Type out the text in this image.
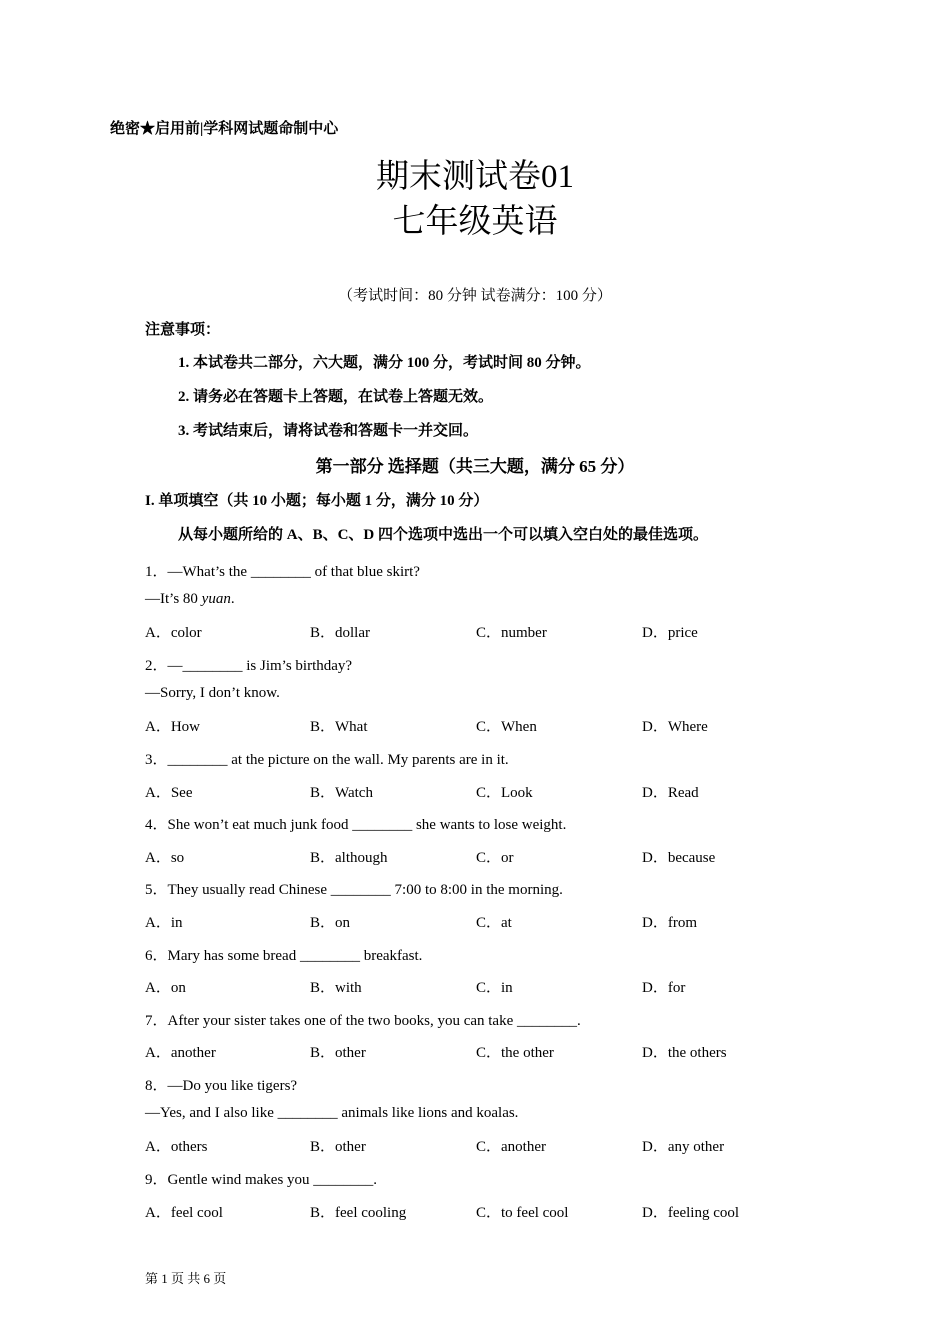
绝密★启用前|学科网试题命制中心
期末测试卷01
七年级英语
（考试时间：80 分钟 试卷满分：100 分）
注意事项：
1. 本试卷共二部分，六大题，满分 100 分，考试时间 80 分钟。
2. 请务必在答题卡上答题，在试卷上答题无效。
3. 考试结束后，请将试卷和答题卡一并交回。
第一部分 选择题（共三大题，满分 65 分）
I. 单项填空（共 10 小题；每小题 1 分，满分 10 分）
从每小题所给的 A、B、C、D 四个选项中选出一个可以填入空白处的最佳选项。
1．—What’s the ________ of that blue skirt?
—It’s 80 yuan.
A．color	B．dollar	C．number	D．price
2．—________ is Jim’s birthday?
—Sorry, I don’t know.
A．How	B．What	C．When	D．Where
3．________ at the picture on the wall. My parents are in it.
A．See	B．Watch	C．Look	D．Read
4．She won’t eat much junk food ________ she wants to lose weight.
A．so	B．although	C．or	D．because
5．They usually read Chinese ________ 7:00 to 8:00 in the morning.
A．in	B．on	C．at	D．from
6．Mary has some bread ________ breakfast.
A．on	B．with	C．in	D．for
7．After your sister takes one of the two books, you can take ________.
A．another	B．other	C．the other	D．the others
8．—Do you like tigers?
—Yes, and I also like ________ animals like lions and koalas.
A．others	B．other	C．another	D．any other
9．Gentle wind makes you ________.
A．feel cool	B．feel cooling	C．to feel cool	D．feeling cool
第 1 页 共 6 页
